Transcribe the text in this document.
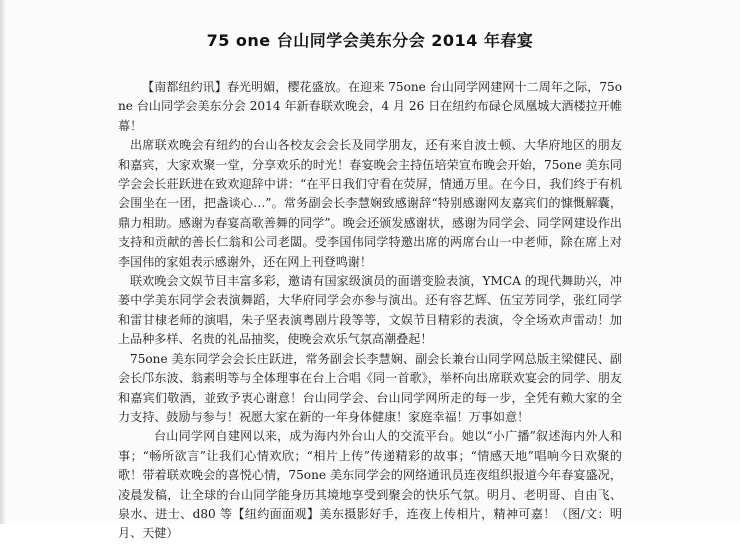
75 one 台山同学会美东分会 2014 年春宴

【南都纽约讯】春光明媚，樱花盛放。在迎来 75one 台山同学网建网十二周年之际，75one 台山同学会美东分会 2014 年新春联欢晚会，4 月 26 日在纽约布碌仑凤凰城大酒楼拉开帷幕！

出席联欢晚会有纽约的台山各校友会会长及同学朋友，还有来自波士顿、大华府地区的朋友和嘉宾，大家欢聚一堂，分享欢乐的时光！春宴晚会主持伍培荣宣布晚会开始，75one 美东同学会会长莊跃进在致欢迎辞中讲：“在平日我们守看在荧屏，情通万里。在今日，我们终于有机会围坐在一团，把盏谈心…”。常务副会长李慧娴致感谢辞“特别感谢网友嘉宾们的慷慨解囊，鼎力相助。感谢为春宴高歌善舞的同学”。晚会还颁发感谢状，感谢为同学会、同学网建设作出支持和贡献的善长仁翁和公司老闆。受李国伟同学特邀出席的两席台山一中老师，除在席上对李国伟的家姐表示感谢外，还在网上刊登鸣谢！

联欢晚会文娱节目丰富多彩，邀请有国家级演员的面谱变脸表演，YMCA 的现代舞助兴，冲蒌中学美东同学会表演舞蹈，大华府同学会亦参与演出。还有容艺辉、伍宝芳同学，张红同学和雷甘棣老师的演唱，朱子坚表演粤剧片段等等，文娱节目精彩的表演，令全场欢声雷动！加上品种多样、名贵的礼品抽奖，使晚会欢乐气氛高潮叠起！

75one 美东同学会会长庄跃进，常务副会长李慧娴、副会长兼台山同学网总版主梁健民、副会长邝东波、翁素明等与全体理事在台上合唱《同一首歌》，举杯向出席联欢宴会的同学、朋友和嘉宾们敬酒，並致予衷心谢意！台山同学会、台山同学网所走的每一步，全凭有赖大家的全力支持、鼓励与参与！祝愿大家在新的一年身体健康！家庭幸福！万事如意！

台山同学网自建网以来，成为海内外台山人的交流平台。她以“小广播”叙述海内外人和事；“畅所欲言”让我们心情欢欣；“相片上传”传递精彩的故事；“情感天地”唱响今日欢聚的歌！带着联欢晚会的喜悦心情，75one 美东同学会的网络通讯员连夜组织报道今年春宴盛况，凌晨发稿，让全球的台山同学能身历其境地享受到聚会的快乐气氛。明月、老明哥、自由飞、泉水、进士、d80 等【纽约面面观】美东摄影好手，连夜上传相片，精神可嘉！（图/文：明月、天健）
